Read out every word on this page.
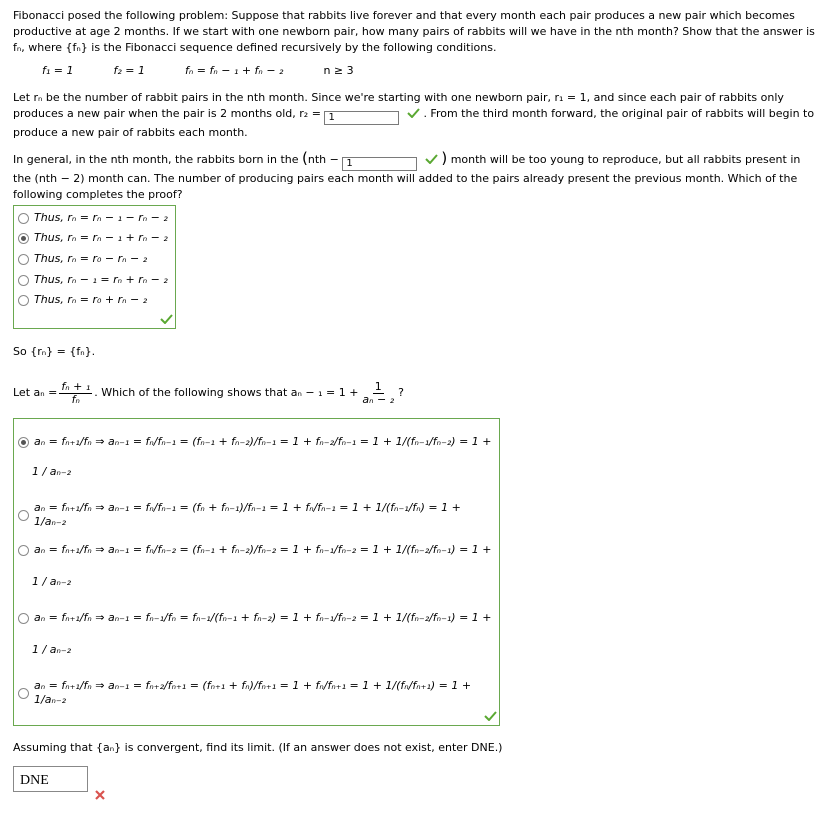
Fibonacci posed the following problem: Suppose that rabbits live forever and that every month each pair produces a new pair which becomes productive at age 2 months. If we start with one newborn pair, how many pairs of rabbits will we have in the nth month? Show that the answer is fₙ, where {fₙ} is the Fibonacci sequence defined recursively by the following conditions.
f₁ = 1	f₂ = 1	fₙ = fₙ − ₁ + fₙ − ₂	n ≥ 3
Let rₙ be the number of rabbit pairs in the nth month. Since we're starting with one newborn pair, r₁ = 1, and since each pair of rabbits only produces a new pair when the pair is 2 months old, r₂ = 1	. From the third month forward, the original pair of rabbits will begin to produce a new pair of rabbits each month.
In general, in the nth month, the rabbits born in the (nth − 1	) month will be too young to reproduce, but all rabbits present in the (nth − 2) month can. The number of producing pairs each month will added to the pairs already present the previous month. Which of the following completes the proof?
Thus, rₙ = rₙ − ₁ − rₙ − ₂
Thus, rₙ = rₙ − ₁ + rₙ − ₂
Thus, rₙ = r₀ − rₙ − ₂
Thus, rₙ − ₁ = rₙ + rₙ − ₂
Thus, rₙ = r₀ + rₙ − ₂
So {rₙ} = {fₙ}.
Let $a_n = \frac{\text{fₙ + ₁}}{\text{fₙ}}$ . Which of the following shows that $a_n - _1 = 1 + \frac{1}{\text{aₙ − ₂}}$ ?
aₙ = fₙ₊₁/fₙ ⇒ aₙ₋₁ = fₙ/fₙ₋₁ = (fₙ₋₁ + fₙ₋₂)/fₙ₋₁ = 1 + fₙ₋₂/fₙ₋₁ = 1 + 1/(fₙ₋₁/fₙ₋₂) = 1 +
1 / aₙ₋₂
aₙ = fₙ₊₁/fₙ ⇒ aₙ₋₁ = fₙ/fₙ₋₁ = (fₙ + fₙ₋₁)/fₙ₋₁ = 1 + fₙ/fₙ₋₁ = 1 + 1/(fₙ₋₁/fₙ) = 1 + 1/aₙ₋₂
aₙ = fₙ₊₁/fₙ ⇒ aₙ₋₁ = fₙ/fₙ₋₂ = (fₙ₋₁ + fₙ₋₂)/fₙ₋₂ = 1 + fₙ₋₁/fₙ₋₂ = 1 + 1/(fₙ₋₂/fₙ₋₁) = 1 +
1 / aₙ₋₂
aₙ = fₙ₊₁/fₙ ⇒ aₙ₋₁ = fₙ₋₁/fₙ = fₙ₋₁/(fₙ₋₁ + fₙ₋₂) = 1 + fₙ₋₁/fₙ₋₂ = 1 + 1/(fₙ₋₂/fₙ₋₁) = 1 +
1 / aₙ₋₂
aₙ = fₙ₊₁/fₙ ⇒ aₙ₋₁ = fₙ₊₂/fₙ₊₁ = (fₙ₊₁ + fₙ)/fₙ₊₁ = 1 + fₙ/fₙ₊₁ = 1 + 1/(fₙ/fₙ₊₁) = 1 + 1/aₙ₋₂
Assuming that {aₙ} is convergent, find its limit. (If an answer does not exist, enter DNE.)
DNE
